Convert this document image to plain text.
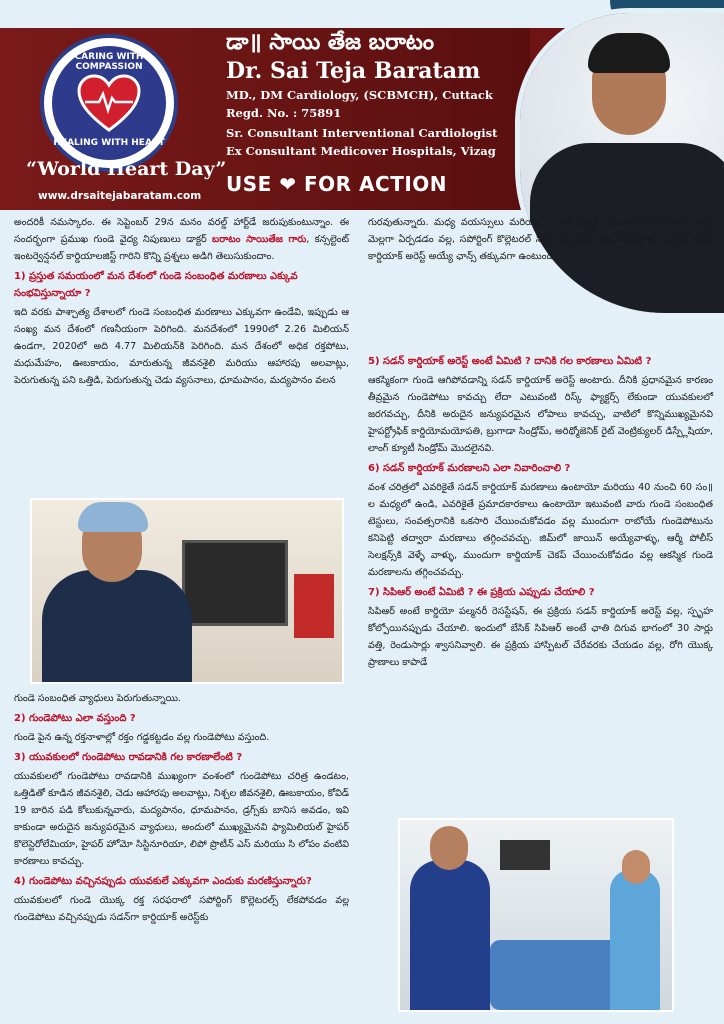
CARING WITH COMPASSION
HEALING WITH HEART
“World Heart Day”
www.drsaitejabaratam.com
డా॥ సాయి తేజ బరాటం
Dr. Sai Teja Baratam
MD., DM Cardiology, (SCBMCH), Cuttack
Regd. No. : 75891
Sr. Consultant Interventional Cardiologist
Ex Consultant Medicover Hospitals, Vizag
USE ❤ FOR ACTION

అందరికీ నమస్కారం. ఈ సెప్టెంబర్ 29న మనం వరల్డ్ హార్ట్‌డే జరుపుకుంటున్నాం. ఈ సందర్భంగా ప్రముఖ గుండె వైద్య నిపుణులు డాక్టర్ బరాటం సాయితేజ గారు, కన్సల్టెంట్ ఇంటర్వెన్షనల్ కార్డియాలజిస్ట్ గారిని కొన్ని ప్రశ్నలు అడిగి తెలుసుకుందాం.

1) ప్రస్తుత సమయంలో మన దేశంలో గుండె సంబంధిత మరణాలు ఎక్కువ సంభవిస్తున్నాయా ?

ఇది వరకు పాశ్చాత్య దేశాలలో గుండె సంబంధిత మరణాలు ఎక్కువగా ఉండేవి, ఇప్పుడు ఆ సంఖ్య మన దేశంలో గణనీయంగా పెరిగింది. మనదేశంలో 1990లో 2.26 మిలియన్ ఉండగా, 2020లో అది 4.77 మిలియన్‌కి పెరిగింది. మన దేశంలో అధిక రక్తపోటు, మధుమేహం, ఊబకాయం, మారుతున్న జీవనశైలి మరియు ఆహారపు అలవాట్లు, పెరుగుతున్న పని ఒత్తిడి, పెరుగుతున్న చెడు వ్యసనాలు, ధూమపానం, మద్యపానం వలన

గుండె సంబంధిత వ్యాధులు పెరుగుతున్నాయి.

2) గుండెపోటు ఎలా వస్తుంది ?

గుండె పైన ఉన్న రక్తనాళాల్లో రక్తం గడ్డకట్టడం వల్ల గుండెపోటు వస్తుంది.

3) యువకులలో గుండెపోటు రావడానికి గల కారణాలేంటి ?

యువకులలో గుండెపోటు రావడానికి ముఖ్యంగా వంశంలో గుండెపోటు చరిత్ర ఉండటం, ఒత్తిడితో కూడిన జీవనశైలి, చెడు ఆహారపు అలవాట్లు, నిశ్చల జీవనశైలి, ఊబకాయం, కోవిడ్ 19 బారిన పడి కోలుకున్నవారు, మద్యపానం, ధూమపానం, డ్రగ్స్‌కు బానిస అవడం, ఇవి కాకుండా అరుదైన జన్యుపరమైన వ్యాధులు, అందులో ముఖ్యమైనవి ఫ్యామిలియల్ హైపర్ కొలెస్టెరోలేమియా, హైపర్ హోమో సిస్టినూరియా, లిపో ప్రొటీన్ ఎస్ మరియు సి లోపం వంటివి కారణాలు కావచ్చు.

4) గుండెపోటు వచ్చినప్పుడు యువకులే ఎక్కువగా ఎందుకు మరణిస్తున్నారు?

యువకులలో గుండె యొక్క రక్త సరఫరాలో సపోర్టింగ్ కొల్లెటరల్స్ లేకపోవడం వల్ల గుండెపోటు వచ్చినప్పుడు సడన్‌గా కార్డియాక్ అరెస్ట్‌కు

గురవుతున్నారు. మధ్య వయస్సులు మరియు ముసలివాళ్ళకి రక్తనాళాల్లో, కొలెస్ట్రాల్ బ్లాక్స్ మెల్లగా ఏర్పడడం వల్ల, సపోర్టింగ్ కొల్లెటరల్ సిస్టం ఏర్పడడం వల్ల గుండెపోటు వచ్చిన సడన్ కార్డియాక్ అరెస్ట్ అయ్యే ఛాన్స్ తక్కువగా ఉంటుంది.

5) సడన్ కార్డియాక్ అరెస్ట్ అంటే ఏమిటి ? దానికి గల కారణాలు ఏమిటి ?

ఆకస్మికంగా గుండె ఆగిపోవడాన్ని సడన్ కార్డియాక్ అరెస్ట్ అంటారు. దీనికి ప్రధానమైన కారణం తీవ్రమైన గుండెపోటు కావచ్చు లేదా ఎటువంటి రిస్క్ ఫ్యాక్టర్స్ లేకుండా యువకులలో జరగవచ్చు, దీనికి అరుదైన జన్యుపరమైన లోపాలు కావచ్చు, వాటిలో కొన్నిముఖ్యమైనవి హైపర్ట్రోఫిక్ కార్డియోమయోపతి, బ్రుగాడా సిండ్రోమ్, అరిథ్మోజెనిక్ రైట్ వెంట్రిక్యులర్ డిస్ప్లేషియా, లాంగ్ క్యూటీ సిండ్రోమ్ మొదలైనవి.

6) సడన్ కార్డియాక్ మరణాలని ఎలా నివారించాలి ?

వంశ చరిత్రలో ఎవరికైతే సడన్ కార్డియాక్ మరణాలు ఉంటాయో మరియు 40 నుంచి 60 సం॥ల మధ్యలో ఉండి, ఎవరికైతే ప్రమాదకారకాలు ఉంటాయో ఇటువంటి వారు గుండె సంబంధిత టెస్టులు, సంవత్సరానికి ఒకసారి చేయించుకోవడం వల్ల ముందుగా రాబోయే గుండెపోటును కనిపెట్టి తద్వారా మరణాలు తగ్గించవచ్చు. జిమ్‌లో జాయిన్ అయ్యేవాళ్ళు, ఆర్మీ పోలీస్ సెలక్షన్స్‌కి వెళ్ళే వాళ్ళు, ముందుగా కార్డియాక్ చెకప్ చేయించుకోవడం వల్ల ఆకస్మిక గుండె మరణాలను తగ్గించవచ్చు.

7) సిపిఆర్ అంటే ఏమిటి ? ఈ ప్రక్రియ ఎప్పుడు చేయాలి ?

సిపిఆర్ అంటే కార్డియో పల్మనరీ రెసస్టేషన్, ఈ ప్రక్రియ సడన్ కార్డియాక్ అరెస్ట్ వల్ల, స్పృహ కోల్పోయినప్పుడు చేయాలి. ఇందులో బేసిక్ సిపిఆర్ అంటే ఛాతి దిగువ భాగంలో 30 సార్లు వత్తి, రెండుసార్లు శ్వాసనివ్వాలి. ఈ ప్రక్రియ హాస్పిటల్ చేరేవరకు చేయడం వల్ల, రోగి యొక్క ప్రాణాలు కాపాడే
